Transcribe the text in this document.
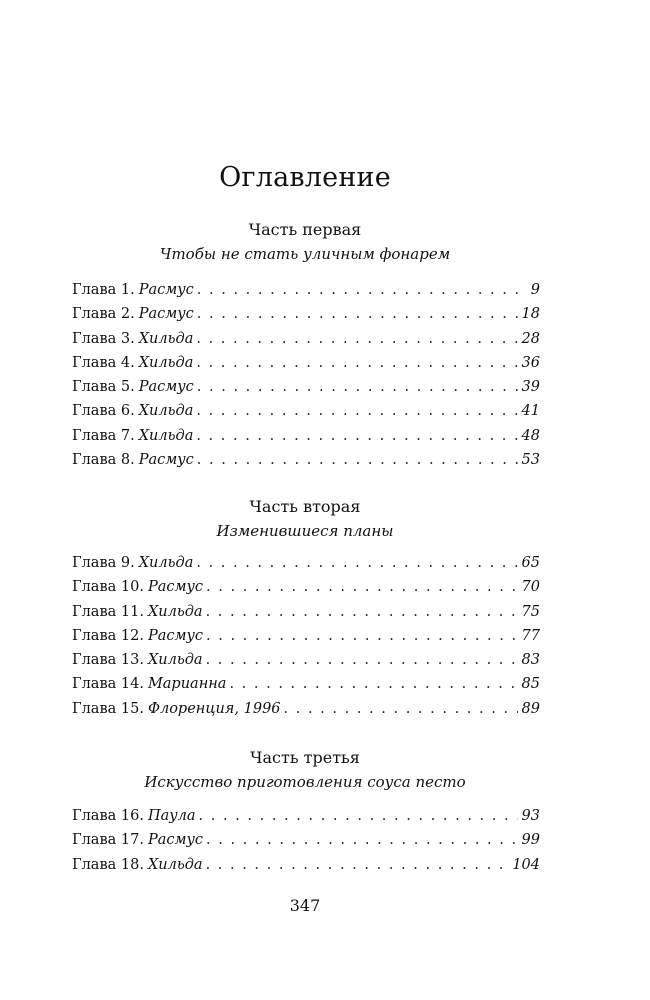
Оглавление
Часть первая
Чтобы не стать уличным фонарем
Глава 1. Расмус . . .	9
Глава 2. Расмус . . .	18
Глава 3. Хильда . . .	28
Глава 4. Хильда . . .	36
Глава 5. Расмус . . .	39
Глава 6. Хильда . . .	41
Глава 7. Хильда . . .	48
Глава 8. Расмус . . .	53
Часть вторая
Изменившиеся планы
Глава 9. Хильда . . .	65
Глава 10. Расмус . . .	70
Глава 11. Хильда . . .	75
Глава 12. Расмус . . .	77
Глава 13. Хильда . . .	83
Глава 14. Марианна . . .	85
Глава 15. Флоренция, 1996 . . .	89
Часть третья
Искусство приготовления соуса песто
Глава 16. Паула . . .	93
Глава 17. Расмус . . .	99
Глава 18. Хильда . . .	104
347
